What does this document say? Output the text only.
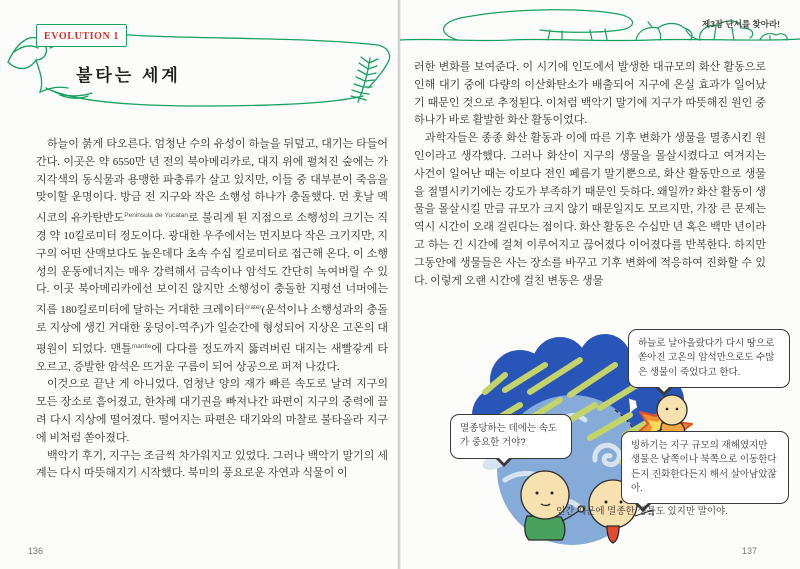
EVOLUTION 1
불타는 세계

하늘이 붉게 타오른다. 엄청난 수의 유성이 하늘을 뒤덮고, 대기는 타들어간다. 이곳은 약 6550만 년 전의 북아메리카로, 대지 위에 펼쳐진 숲에는 가지각색의 동식물과 용맹한 파충류가 살고 있지만, 이들 중 대부분이 죽음을 맞이할 운명이다. 방금 전 지구와 작은 소행성 하나가 충돌했다. 먼 훗날 멕시코의 유카탄반도$^{Peninsula de Yucatan}$로 불리게 된 지점으로 소행성의 크기는 직경 약 10킬로미터 정도이다. 광대한 우주에서는 먼지보다 작은 크기지만, 지구의 어떤 산맥보다도 높은데다 초속 수십 킬로미터로 접근해 온다. 이 소행성의 운동에너지는 매우 강력해서 금속이나 암석도 간단히 녹여버릴 수 있다. 이곳 북아메리카에선 보이진 않지만 소행성이 충돌한 지평선 너머에는 지름 180킬로미터에 달하는 거대한 크레이터$^{crater}$(운석이나 소행성과의 충돌로 지상에 생긴 거대한 웅덩이-역주)가 일순간에 형성되어 지상은 고온의 대평원이 되었다. 맨틀$^{mantle}$에 다다를 정도까지 뚫려버린 대지는 새빨갛게 타오르고, 증발한 암석은 뜨거운 구름이 되어 상공으로 퍼져 나갔다.

이것으로 끝난 게 아니었다. 엄청난 양의 재가 빠른 속도로 날려 지구의 모든 장소로 흩어졌고, 한차례 대기권을 빠져나간 파편이 지구의 중력에 끌려 다시 지상에 떨어졌다. 떨어지는 파편은 대기와의 마찰로 불타올라 지구에 비처럼 쏟아졌다.

백악기 후기, 지구는 조금씩 차가워지고 있었다. 그러나 백악기 말기의 세계는 다시 따뜻해지기 시작했다. 북미의 풍요로운 자연과 식물이 이

136
제3장 단서를 찾아라!

러한 변화를 보여준다. 이 시기에 인도에서 발생한 대규모의 화산 활동으로 인해 대기 중에 다량의 이산화탄소가 배출되어 지구에 온실 효과가 일어났기 때문인 것으로 추정된다. 이처럼 백악기 말기에 지구가 따뜻해진 원인 중 하나가 바로 활발한 화산 활동이었다.

과학자들은 종종 화산 활동과 이에 따른 기후 변화가 생물을 멸종시킨 원인이라고 생각했다. 그러나 화산이 지구의 생물을 몰살시켰다고 여겨지는 사건이 일어난 때는 이보다 전인 페름기 말기뿐으로, 화산 활동만으로 생물을 절멸시키기에는 강도가 부족하기 때문인 듯하다. 왜일까? 화산 활동이 생물을 몰살시킬 만큼 규모가 크지 않기 때문일지도 모르지만, 가장 큰 문제는 역시 시간이 오래 걸린다는 점이다. 화산 활동은 수십만 년 혹은 백만 년이라고 하는 긴 시간에 걸쳐 이루어지고 끊어졌다 이어졌다를 반복한다. 하지만 그동안에 생물들은 사는 장소를 바꾸고 기후 변화에 적응하여 진화할 수 있다. 이렇게 오랜 시간에 걸친 변동은 생물

하늘로 날아올랐다가 다시 땅으로 쏟아진 고온의 암석만으로도 수많은 생물이 죽었다고 한다.
멸종당하는 데에는 속도가 중요한 거야?	빙하기는 지구 규모의 재해였지만 생물은 남쪽이나 북쪽으로 이동한다든지 진화한다든지 해서 살아남았잖아.
인간 때문에 멸종한 생물도 있지만 말이야.
137
